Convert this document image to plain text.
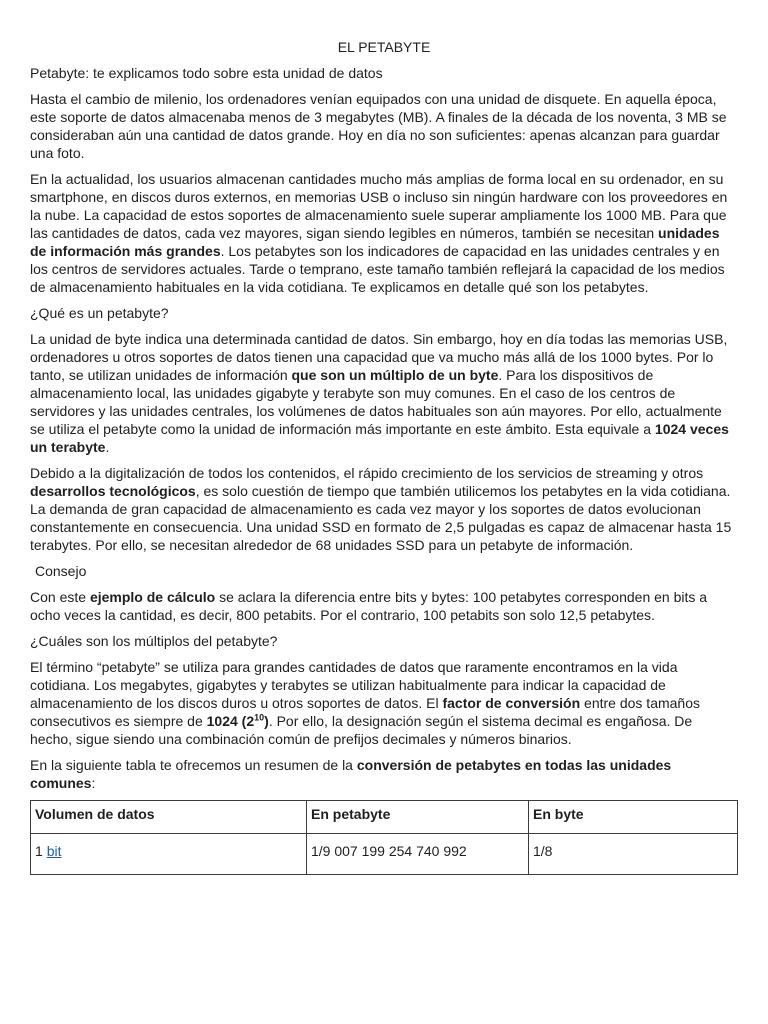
EL PETABYTE

Petabyte: te explicamos todo sobre esta unidad de datos

Hasta el cambio de milenio, los ordenadores venían equipados con una unidad de disquete. En aquella época, este soporte de datos almacenaba menos de 3 megabytes (MB). A finales de la década de los noventa, 3 MB se consideraban aún una cantidad de datos grande. Hoy en día no son suficientes: apenas alcanzan para guardar una foto.

En la actualidad, los usuarios almacenan cantidades mucho más amplias de forma local en su ordenador, en su smartphone, en discos duros externos, en memorias USB o incluso sin ningún hardware con los proveedores en la nube. La capacidad de estos soportes de almacenamiento suele superar ampliamente los 1000 MB. Para que las cantidades de datos, cada vez mayores, sigan siendo legibles en números, también se necesitan unidades de información más grandes. Los petabytes son los indicadores de capacidad en las unidades centrales y en los centros de servidores actuales. Tarde o temprano, este tamaño también reflejará la capacidad de los medios de almacenamiento habituales en la vida cotidiana. Te explicamos en detalle qué son los petabytes.

¿Qué es un petabyte?

La unidad de byte indica una determinada cantidad de datos. Sin embargo, hoy en día todas las memorias USB, ordenadores u otros soportes de datos tienen una capacidad que va mucho más allá de los 1000 bytes. Por lo tanto, se utilizan unidades de información que son un múltiplo de un byte. Para los dispositivos de almacenamiento local, las unidades gigabyte y terabyte son muy comunes. En el caso de los centros de servidores y las unidades centrales, los volúmenes de datos habituales son aún mayores. Por ello, actualmente se utiliza el petabyte como la unidad de información más importante en este ámbito. Esta equivale a 1024 veces un terabyte.

Debido a la digitalización de todos los contenidos, el rápido crecimiento de los servicios de streaming y otros desarrollos tecnológicos, es solo cuestión de tiempo que también utilicemos los petabytes en la vida cotidiana. La demanda de gran capacidad de almacenamiento es cada vez mayor y los soportes de datos evolucionan constantemente en consecuencia. Una unidad SSD en formato de 2,5 pulgadas es capaz de almacenar hasta 15 terabytes. Por ello, se necesitan alrededor de 68 unidades SSD para un petabyte de información.

Consejo

Con este ejemplo de cálculo se aclara la diferencia entre bits y bytes: 100 petabytes corresponden en bits a ocho veces la cantidad, es decir, 800 petabits. Por el contrario, 100 petabits son solo 12,5 petabytes.

¿Cuáles son los múltiplos del petabyte?

El término “petabyte” se utiliza para grandes cantidades de datos que raramente encontramos en la vida cotidiana. Los megabytes, gigabytes y terabytes se utilizan habitualmente para indicar la capacidad de almacenamiento de los discos duros u otros soportes de datos. El factor de conversión entre dos tamaños consecutivos es siempre de 1024 $(2^{10})$. Por ello, la designación según el sistema decimal es engañosa. De hecho, sigue siendo una combinación común de prefijos decimales y números binarios.

En la siguiente tabla te ofrecemos un resumen de la conversión de petabytes en todas las unidades comunes:

Volumen de datos	En petabyte	En byte
1 bit	1/9 007 199 254 740 992	1/8
